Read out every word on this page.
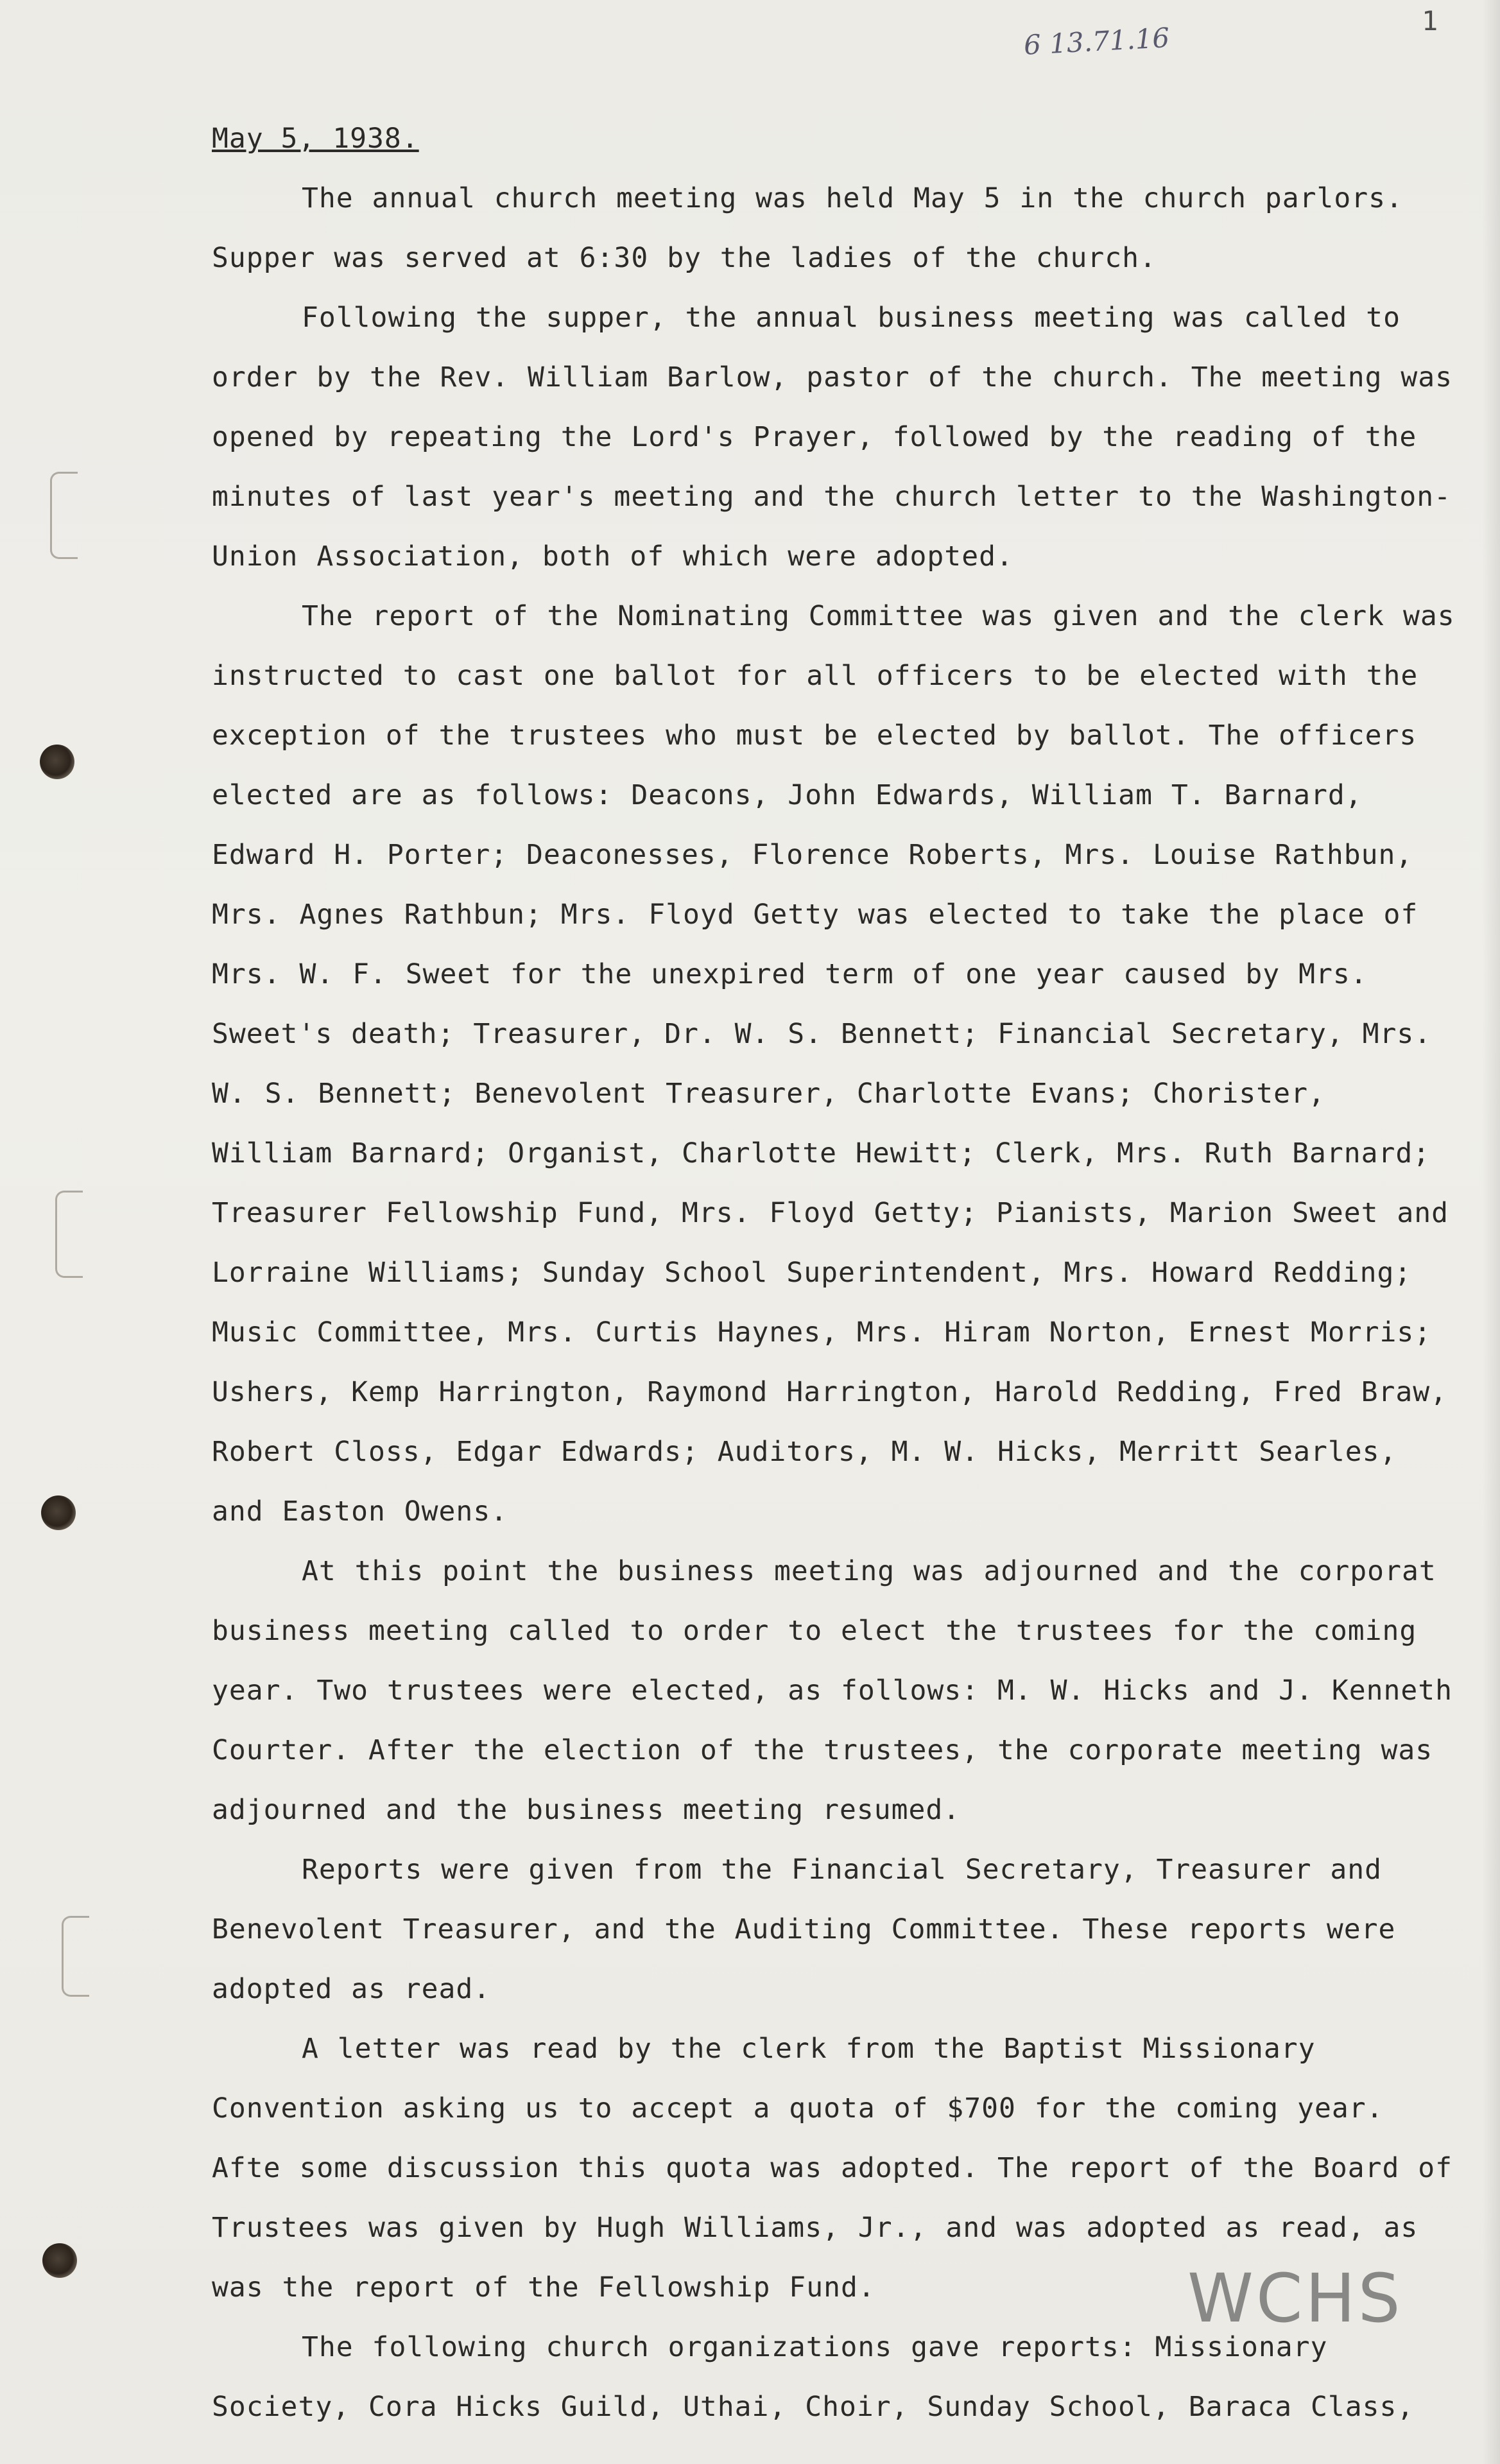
6 13.71.16
1

May 5, 1938.

The annual church meeting was held May 5 in the church parlors. Supper was served at 6:30 by the ladies of the church.

Following the supper, the annual business meeting was called to order by the Rev. William Barlow, pastor of the church. The meeting was opened by repeating the Lord's Prayer, followed by the reading of the minutes of last year's meeting and the church letter to the Washington-Union Association, both of which were adopted.

The report of the Nominating Committee was given and the clerk was instructed to cast one ballot for all officers to be elected with the exception of the trustees who must be elected by ballot. The officers elected are as follows: Deacons, John Edwards, William T. Barnard, Edward H. Porter; Deaconesses, Florence Roberts, Mrs. Louise Rathbun, Mrs. Agnes Rathbun; Mrs. Floyd Getty was elected to take the place of Mrs. W. F. Sweet for the unexpired term of one year caused by Mrs. Sweet's death; Treasurer, Dr. W. S. Bennett; Financial Secretary, Mrs. W. S. Bennett; Benevolent Treasurer, Charlotte Evans; Chorister, William Barnard; Organist, Charlotte Hewitt; Clerk, Mrs. Ruth Barnard; Treasurer Fellowship Fund, Mrs. Floyd Getty; Pianists, Marion Sweet and Lorraine Williams; Sunday School Superintendent, Mrs. Howard Redding; Music Committee, Mrs. Curtis Haynes, Mrs. Hiram Norton, Ernest Morris; Ushers, Kemp Harrington, Raymond Harrington, Harold Redding, Fred Braw, Robert Closs, Edgar Edwards; Auditors, M. W. Hicks, Merritt Searles, and Easton Owens.

At this point the business meeting was adjourned and the corporat business meeting called to order to elect the trustees for the coming year. Two trustees were elected, as follows: M. W. Hicks and J. Kenneth Courter. After the election of the trustees, the corporate meeting was adjourned and the business meeting resumed.

Reports were given from the Financial Secretary, Treasurer and Benevolent Treasurer, and the Auditing Committee. These reports were adopted as read.

A letter was read by the clerk from the Baptist Missionary Convention asking us to accept a quota of $700 for the coming year. Afte some discussion this quota was adopted. The report of the Board of Trustees was given by Hugh Williams, Jr., and was adopted as read, as was the report of the Fellowship Fund.

The following church organizations gave reports: Missionary Society, Cora Hicks Guild, Uthai, Choir, Sunday School, Baraca Class,

WCHS
